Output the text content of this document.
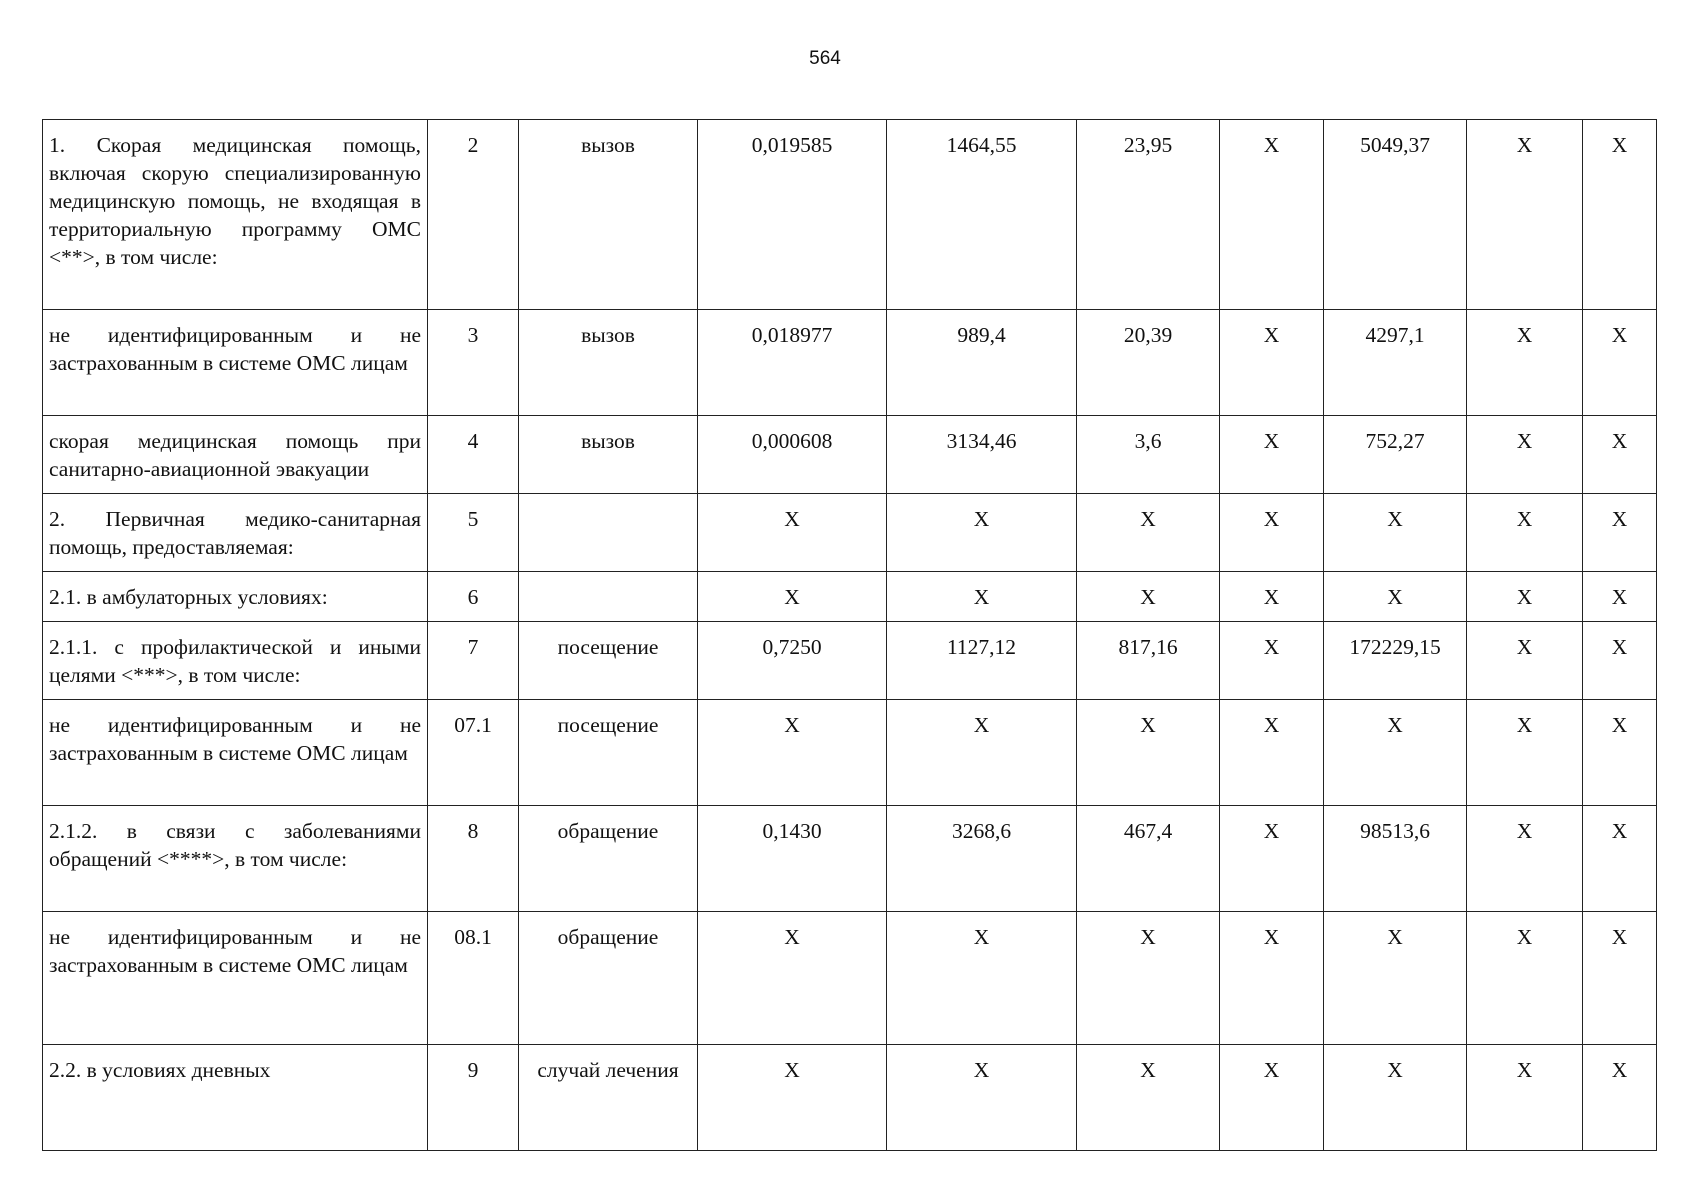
564
1. Скорая медицинская помощь, включая скорую специализированную медицинскую помощь, не входящая в территориальную программу ОМС <**>, в том числе:	2	вызов	0,019585	1464,55	23,95	X	5049,37	X	X
не идентифицированным и не застрахованным в системе ОМС лицам	3	вызов	0,018977	989,4	20,39	X	4297,1	X	X
скорая медицинская помощь при санитарно-авиационной эвакуации	4	вызов	0,000608	3134,46	3,6	X	752,27	X	X
2. Первичная медико-санитарная помощь, предоставляемая:	5		X	X	X	X	X	X	X
2.1. в амбулаторных условиях:	6		X	X	X	X	X	X	X
2.1.1. с профилактической и иными целями <***>, в том числе:	7	посещение	0,7250	1127,12	817,16	X	172229,15	X	X
не идентифицированным и не застрахованным в системе ОМС лицам	07.1	посещение	X	X	X	X	X	X	X
2.1.2. в связи с заболеваниями обращений <****>, в том числе:	8	обращение	0,1430	3268,6	467,4	X	98513,6	X	X
не идентифицированным и не застрахованным в системе ОМС лицам	08.1	обращение	X	X	X	X	X	X	X
2.2. в условиях дневных	9	случай лечения	X	X	X	X	X	X	X
